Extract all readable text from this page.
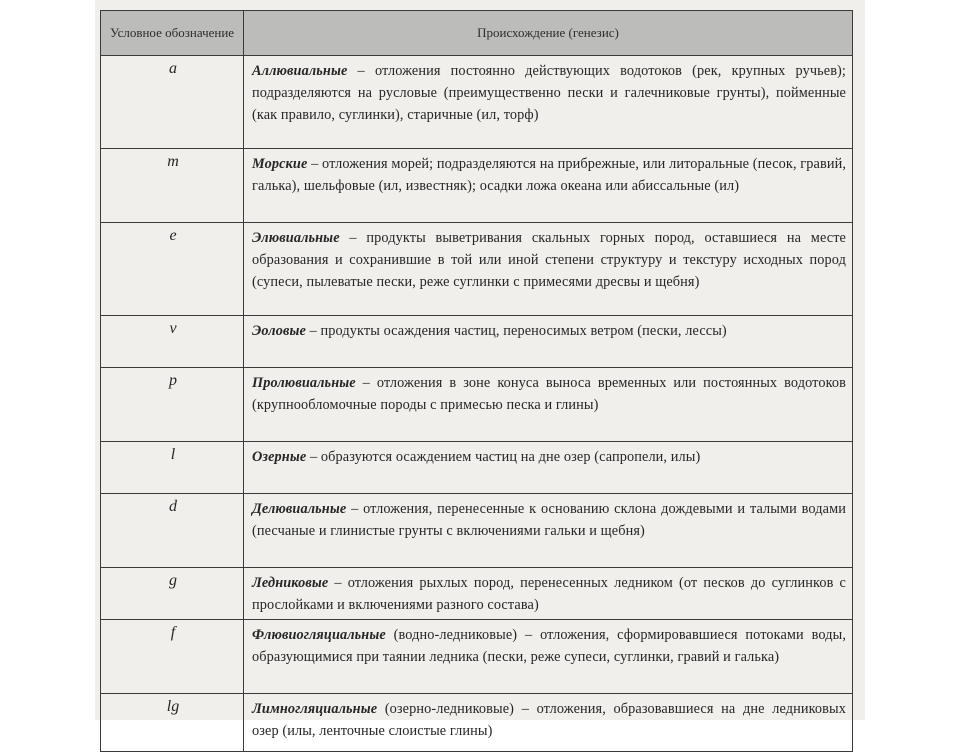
Условное обозначение	Происхождение (генезис)
a	Аллювиальные – отложения постоянно действующих водотоков (рек, крупных ручьев); подразделяются на русловые (преимущественно пески и галечниковые грунты), пойменные (как правило, суглинки), старичные (ил, торф)
m	Морские – отложения морей; подразделяются на прибрежные, или литоральные (песок, гравий, галька), шельфовые (ил, известняк); осадки ложа океана или абиссальные (ил)
e	Элювиальные – продукты выветривания скальных горных пород, оставшиеся на месте образования и сохранившие в той или иной степени структуру и текстуру исходных пород (супеси, пылеватые пески, реже суглинки с примесями дресвы и щебня)
v	Эоловые – продукты осаждения частиц, переносимых ветром (пески, лессы)
p	Пролювиальные – отложения в зоне конуса выноса временных или постоянных водотоков (крупнообломочные породы с примесью песка и глины)
l	Озерные – образуются осаждением частиц на дне озер (сапропели, илы)
d	Делювиальные – отложения, перенесенные к основанию склона дождевыми и талыми водами (песчаные и глинистые грунты с включениями гальки и щебня)
g	Ледниковые – отложения рыхлых пород, перенесенных ледником (от песков до суглинков с прослойками и включениями разного состава)
f	Флювиогляциальные (водно-ледниковые) – отложения, сформировавшиеся потоками воды, образующимися при таянии ледника (пески, реже супеси, суглинки, гравий и галька)
lg	Лимногляциальные (озерно-ледниковые) – отложения, образовавшиеся на дне ледниковых озер (илы, ленточные слоистые глины)
